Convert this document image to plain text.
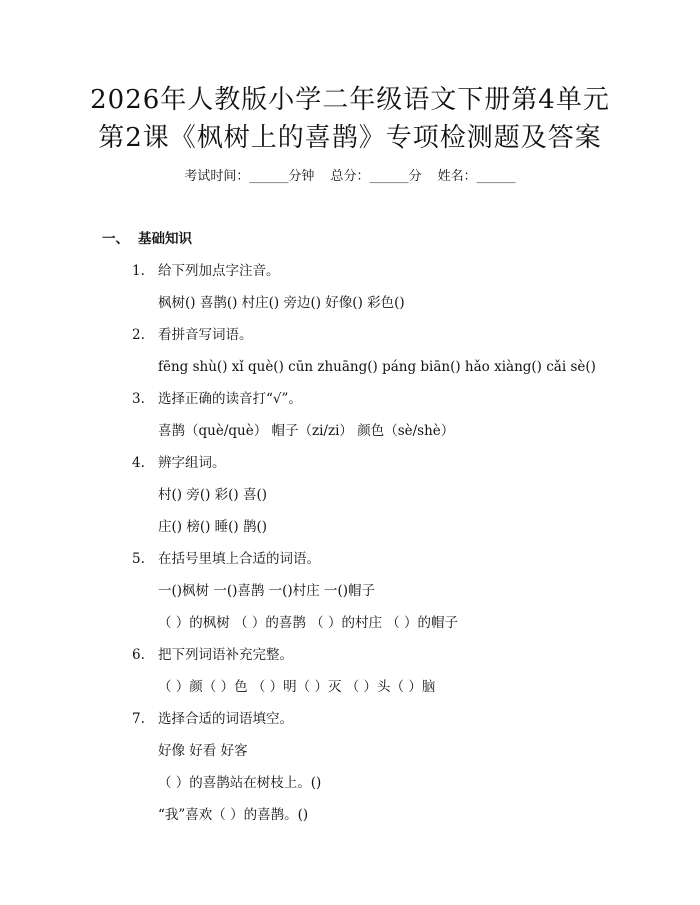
2026年人教版小学二年级语文下册第4单元
第2课《枫树上的喜鹊》专项检测题及答案
考试时间：______分钟 总分：______分 姓名：______
一、 基础知识
1. 给下列加点字注音。
枫树() 喜鹊() 村庄() 旁边() 好像() 彩色()
2. 看拼音写词语。
fēng shù() xǐ què() cūn zhuāng() páng biān() hǎo xiàng() cǎi sè()
3. 选择正确的读音打“√”。
喜鹊（què/què） 帽子（zi/zi） 颜色（sè/shè）
4. 辨字组词。
村() 旁() 彩() 喜()
庄() 榜() 睡() 鹊()
5. 在括号里填上合适的词语。
一()枫树 一()喜鹊 一()村庄 一()帽子
（ ）的枫树 （ ）的喜鹊 （ ）的村庄 （ ）的帽子
6. 把下列词语补充完整。
（ ）颜（ ）色 （ ）明（ ）灭 （ ）头（ ）脑
7. 选择合适的词语填空。
好像 好看 好客
（ ）的喜鹊站在树枝上。()
“我”喜欢（ ）的喜鹊。()
